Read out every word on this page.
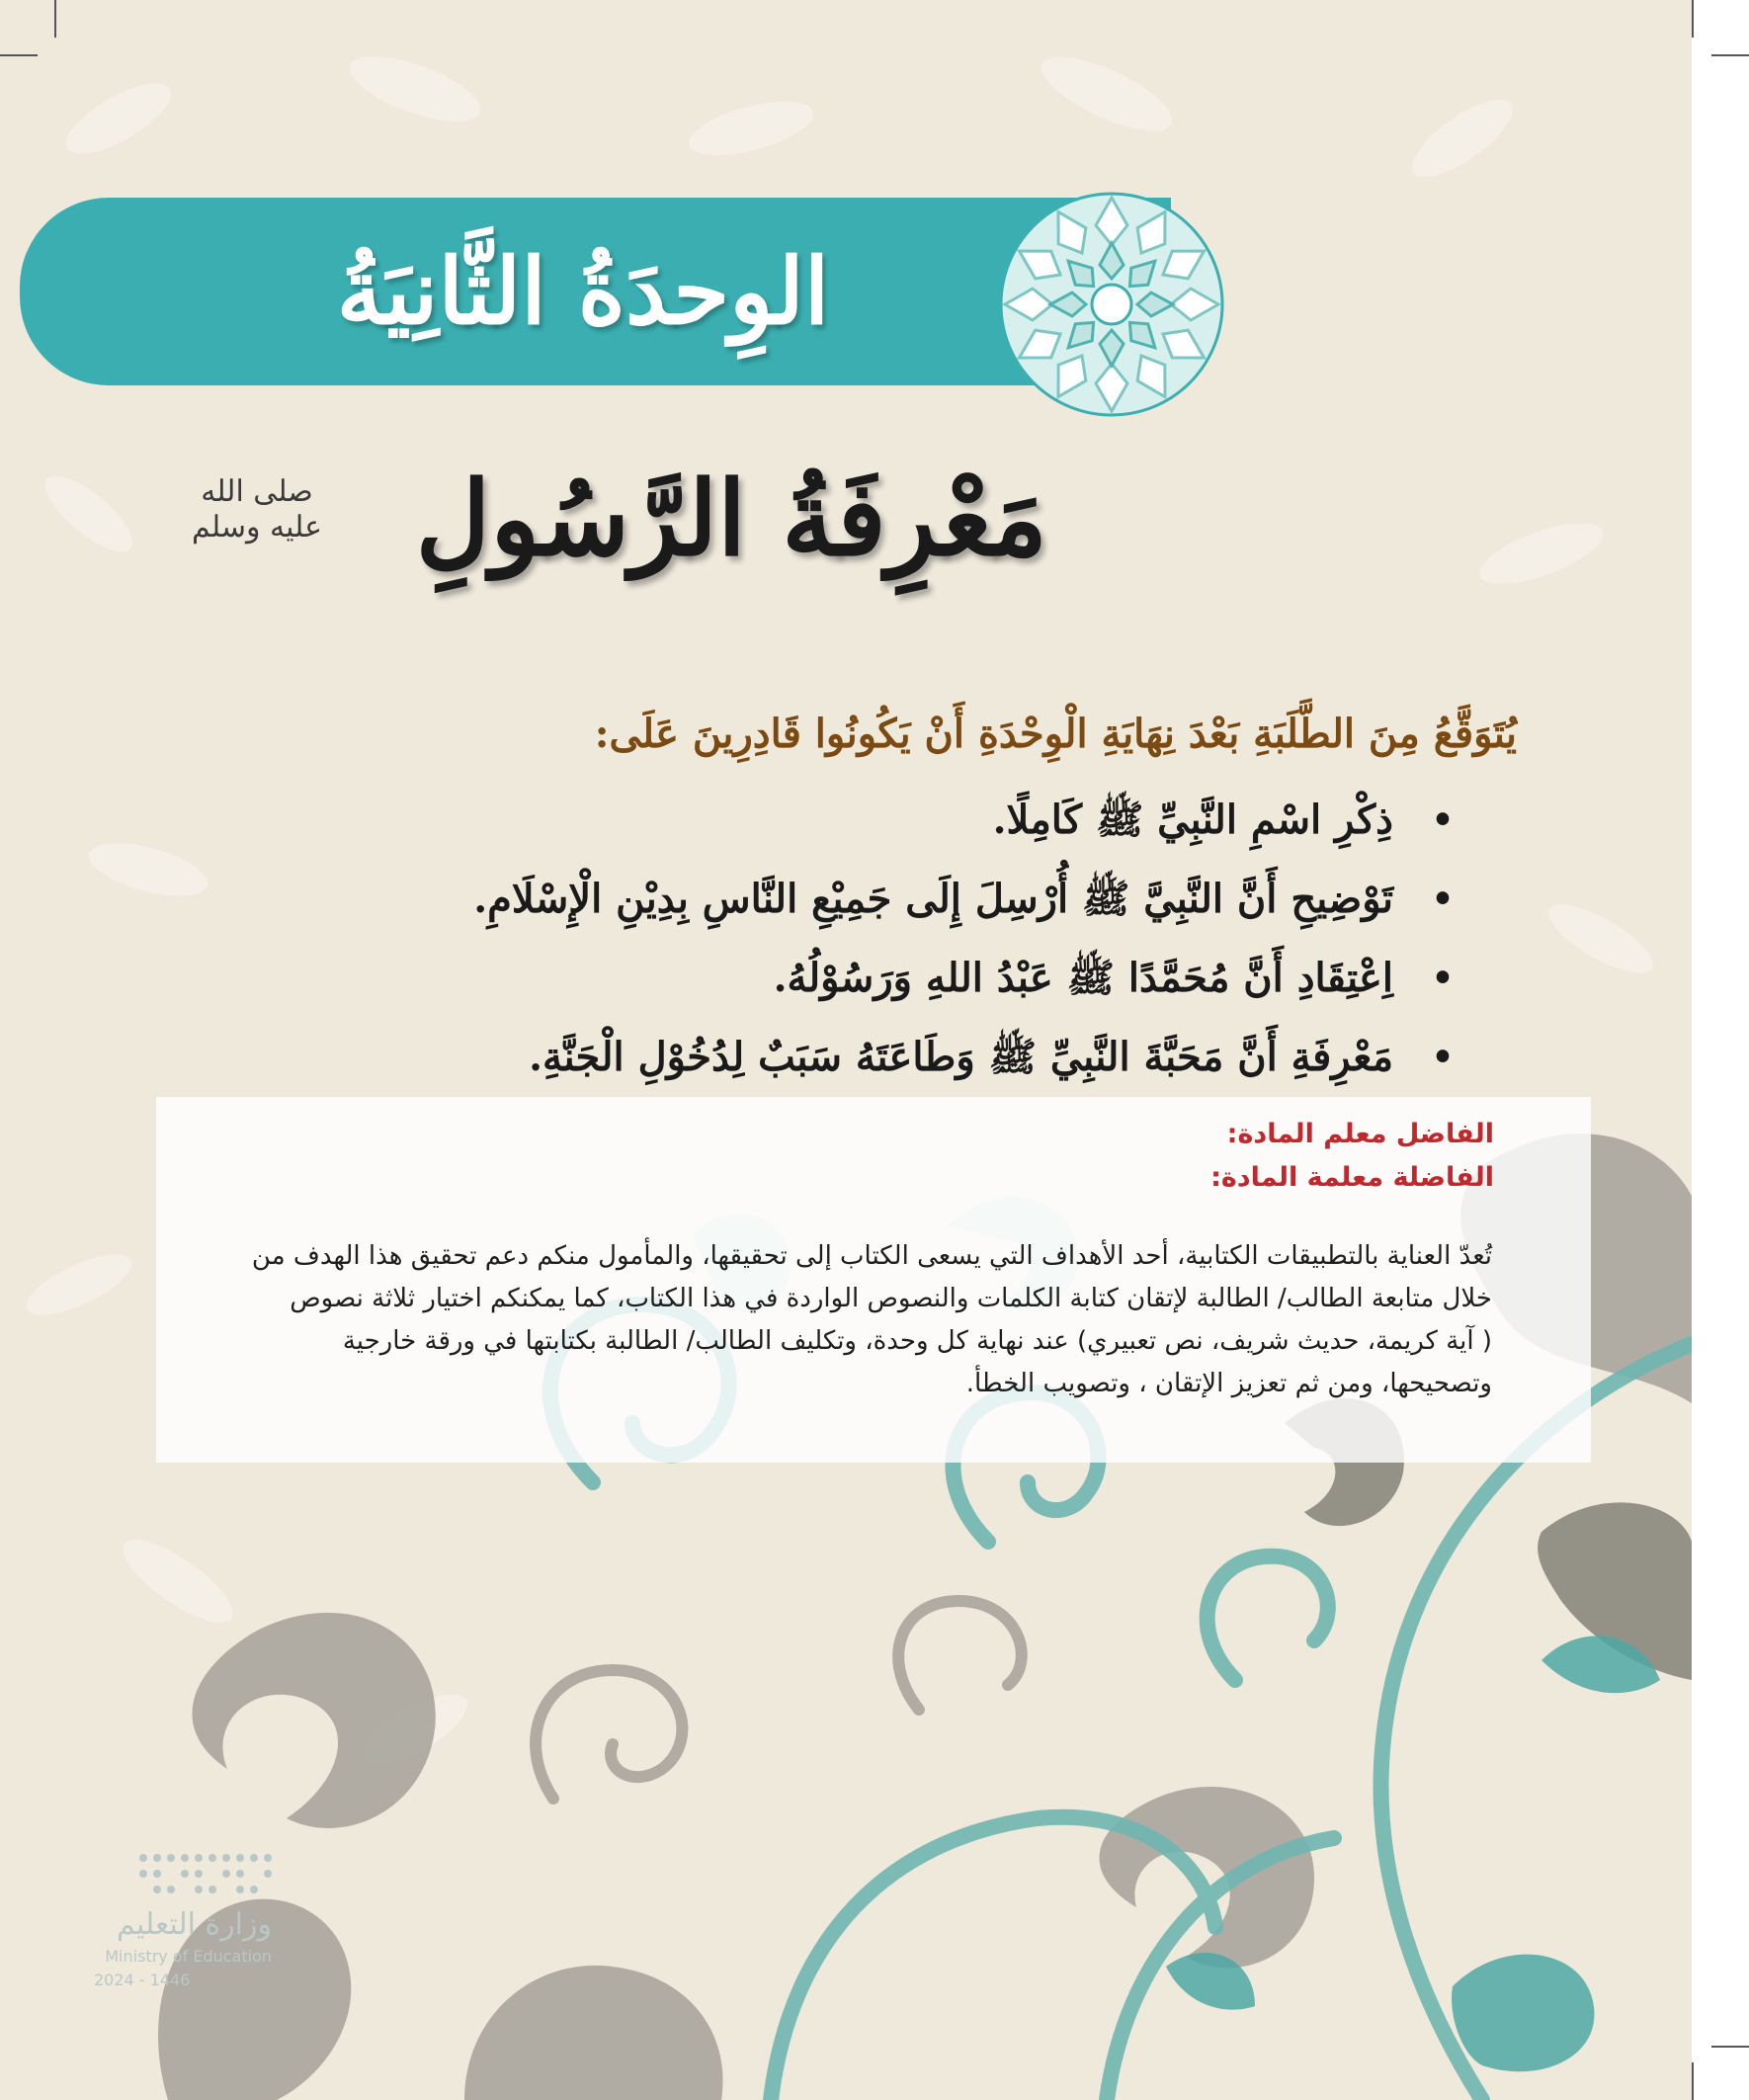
الوِحدَةُ الثَّانِيَةُ
مَعْرِفَةُ الرَّسُولِ
صلى الله عليه وسلم
يُتَوَقَّعُ مِنَ الطَّلَبَةِ بَعْدَ نِهَايَةِ الْوِحْدَةِ أَنْ يَكُونُوا قَادِرِينَ عَلَى:
•
ذِكْرِ اسْمِ النَّبِيِّ ﷺ كَامِلًا.
•
تَوْضِيحِ أَنَّ النَّبِيَّ ﷺ أُرْسِلَ إِلَى جَمِيْعِ النَّاسِ بِدِيْنِ الْإِسْلَامِ.
•
اِعْتِقَادِ أَنَّ مُحَمَّدًا ﷺ عَبْدُ اللهِ وَرَسُوْلُهُ.
•
مَعْرِفَةِ أَنَّ مَحَبَّةَ النَّبِيِّ ﷺ وَطَاعَتَهُ سَبَبٌ لِدُخُوْلِ الْجَنَّةِ.
الفاضل معلم المادة:
الفاضلة معلمة المادة:
تُعدّ العناية بالتطبيقات الكتابية، أحد الأهداف التي يسعى الكتاب إلى تحقيقها، والمأمول منكم دعم تحقيق هذا الهدف من
خلال متابعة الطالب/ الطالبة لإتقان كتابة الكلمات والنصوص الواردة في هذا الكتاب، كما يمكنكم اختيار ثلاثة نصوص
( آية كريمة، حديث شريف، نص تعبيري) عند نهاية كل وحدة، وتكليف الطالب/ الطالبة بكتابتها في ورقة خارجية
وتصحيحها، ومن ثم تعزيز الإتقان ، وتصويب الخطأ.
وزارة التعليم
Ministry of Education
2024 - 1446
